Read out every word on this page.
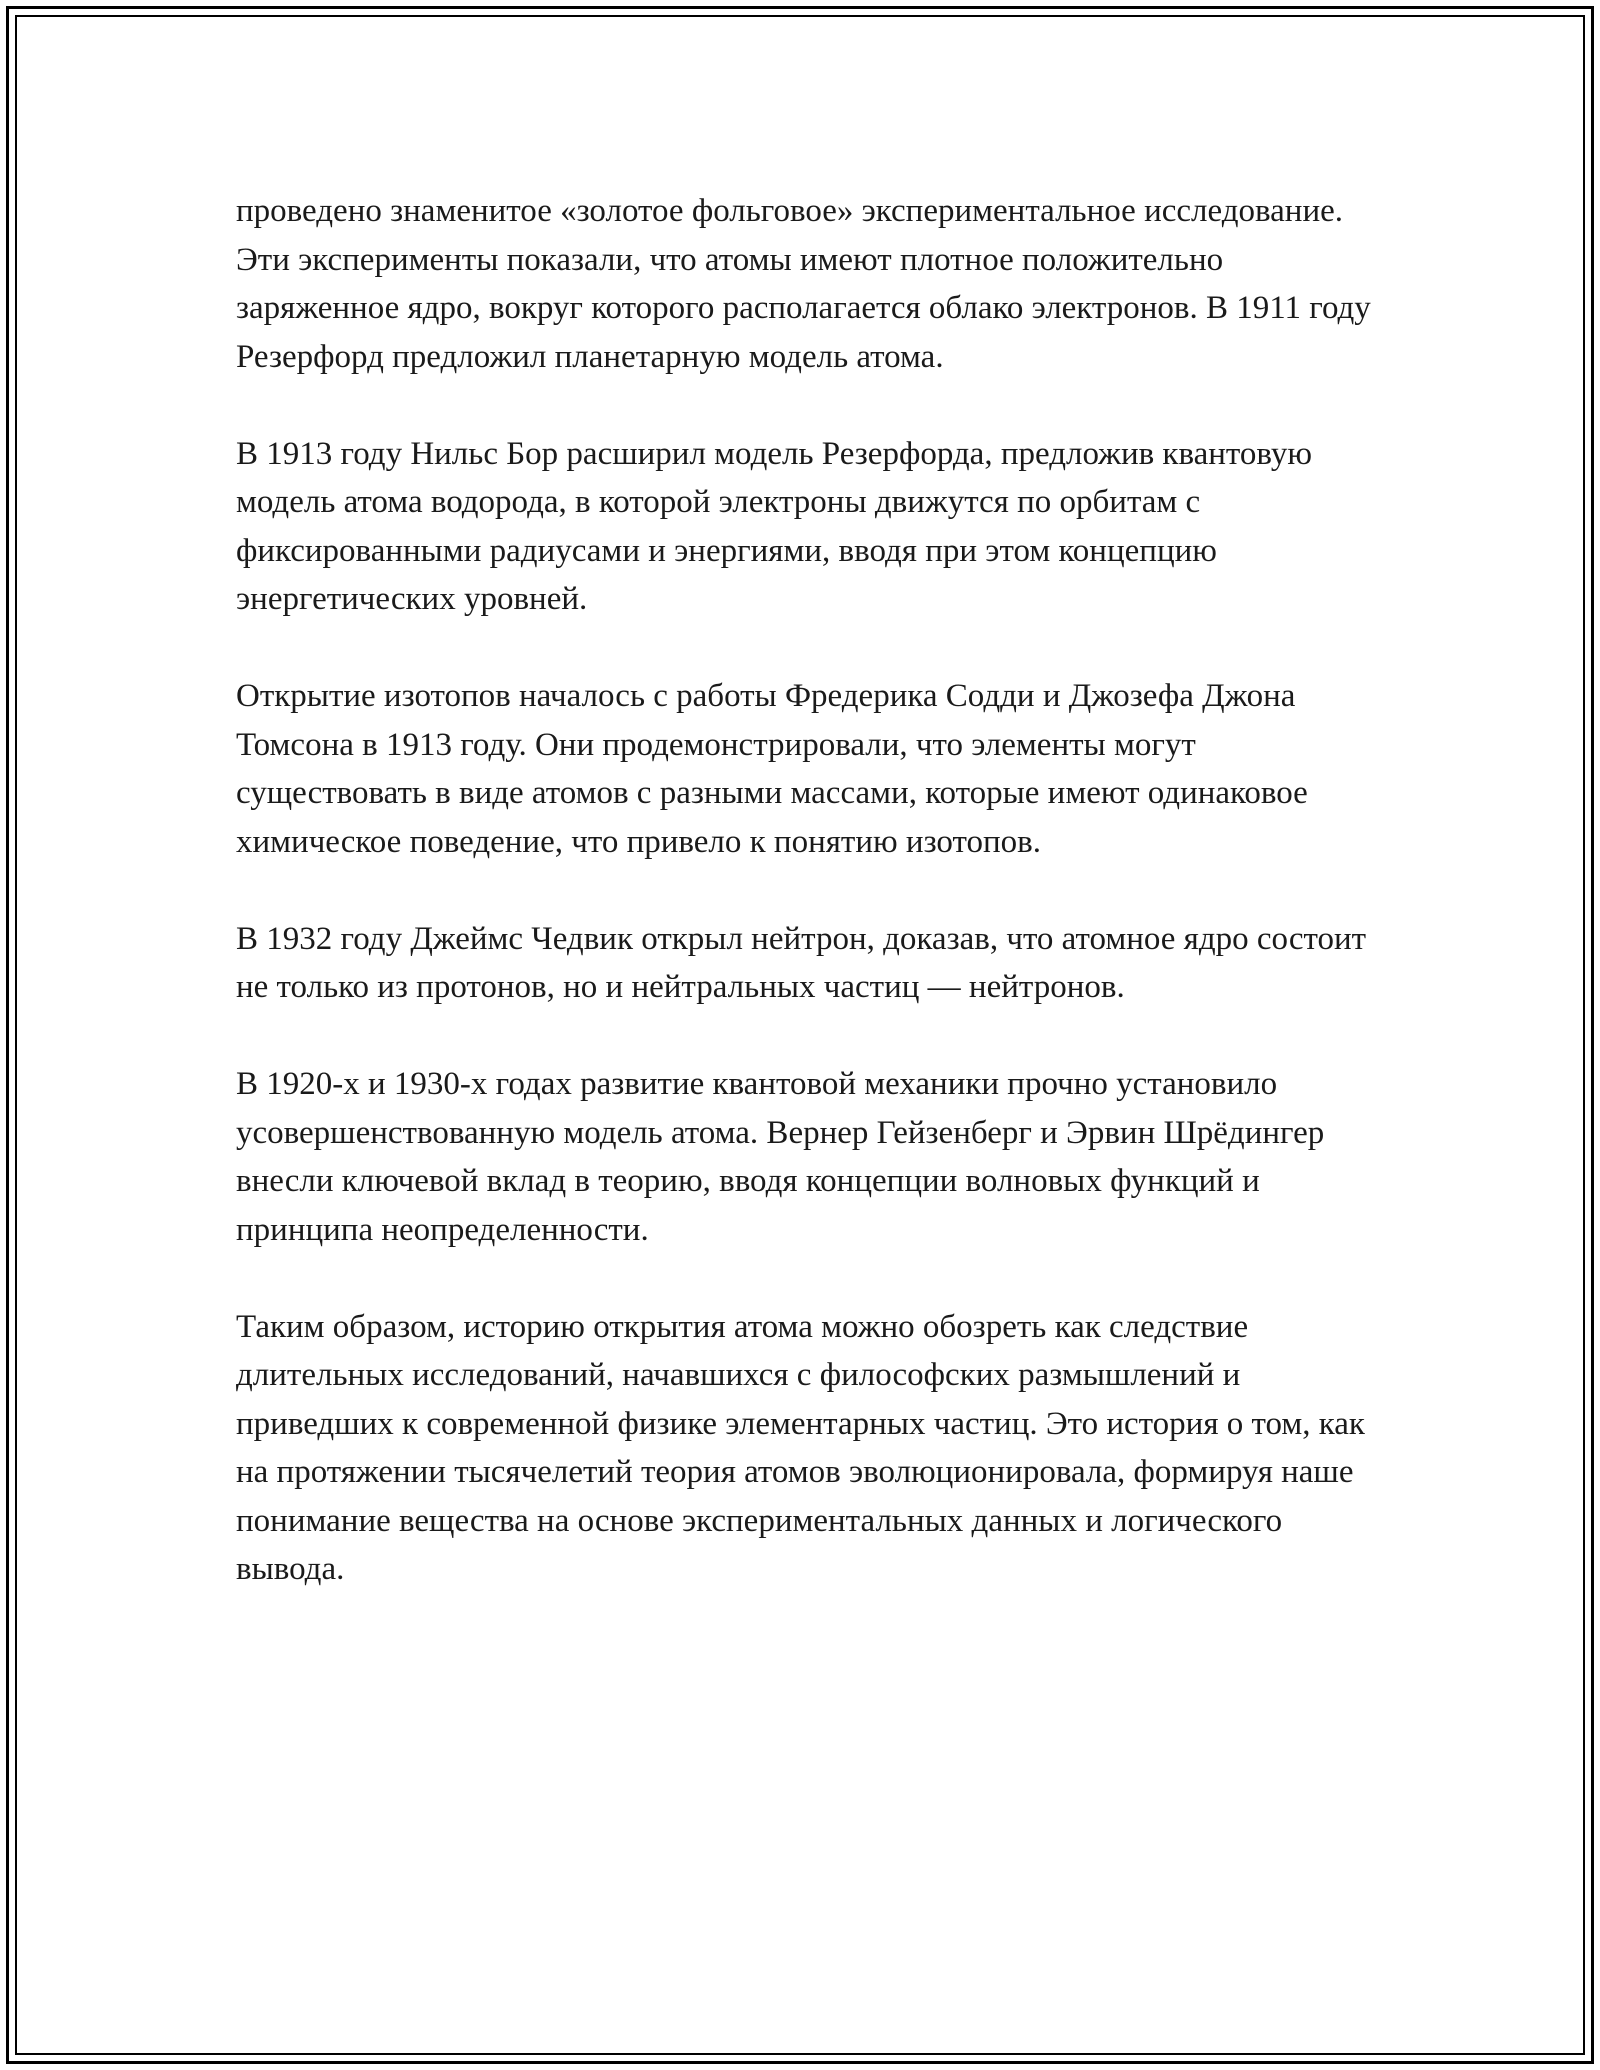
проведено знаменитое «золотое фольговое» экспериментальное исследование. Эти эксперименты показали, что атомы имеют плотное положительно заряженное ядро, вокруг которого располагается облако электронов. В 1911 году Резерфорд предложил планетарную модель атома.

В 1913 году Нильс Бор расширил модель Резерфорда, предложив квантовую модель атома водорода, в которой электроны движутся по орбитам с фиксированными радиусами и энергиями, вводя при этом концепцию энергетических уровней.

Открытие изотопов началось с работы Фредерика Содди и Джозефа Джона Томсона в 1913 году. Они продемонстрировали, что элементы могут существовать в виде атомов с разными массами, которые имеют одинаковое химическое поведение, что привело к понятию изотопов.

В 1932 году Джеймс Чедвик открыл нейтрон, доказав, что атомное ядро состоит не только из протонов, но и нейтральных частиц — нейтронов.

В 1920-х и 1930-х годах развитие квантовой механики прочно установило усовершенствованную модель атома. Вернер Гейзенберг и Эрвин Шрёдингер внесли ключевой вклад в теорию, вводя концепции волновых функций и принципа неопределенности.

Таким образом, историю открытия атома можно обозреть как следствие длительных исследований, начавшихся с философских размышлений и приведших к современной физике элементарных частиц. Это история о том, как на протяжении тысячелетий теория атомов эволюционировала, формируя наше понимание вещества на основе экспериментальных данных и логического вывода.
